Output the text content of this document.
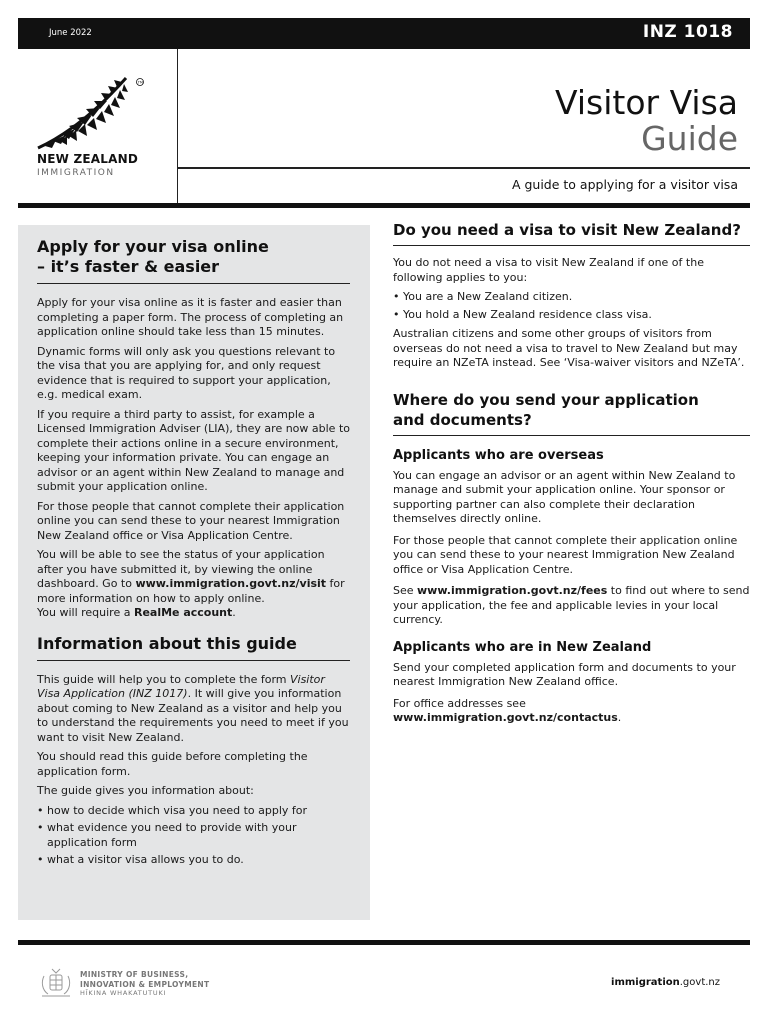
June 2022	INZ 1018
TM
NEW ZEALAND
IMMIGRATION
Visitor Visa
Guide
A guide to applying for a visitor visa
Apply for your visa online
– it’s faster & easier

Apply for your visa online as it is faster and easier than completing a paper form. The process of completing an application online should take less than 15 minutes.

Dynamic forms will only ask you questions relevant to the visa that you are applying for, and only request evidence that is required to support your application, e.g. medical exam.

If you require a third party to assist, for example a Licensed Immigration Adviser (LIA), they are now able to complete their actions online in a secure environment, keeping your information private. You can engage an advisor or an agent within New Zealand to manage and submit your application online.

For those people that cannot complete their application online you can send these to your nearest Immigration New Zealand office or Visa Application Centre.

You will be able to see the status of your application after you have submitted it, by viewing the online dashboard. Go to www.immigration.govt.nz/visit for more information on how to apply online.

You will require a RealMe account.

Information about this guide

This guide will help you to complete the form Visitor Visa Application (INZ 1017). It will give you information about coming to New Zealand as a visitor and help you to understand the requirements you need to meet if you want to visit New Zealand.

You should read this guide before completing the application form.

The guide gives you information about:

• how to decide which visa you need to apply for
• what evidence you need to provide with your application form
• what a visitor visa allows you to do.
Do you need a visa to visit New Zealand?

You do not need a visa to visit New Zealand if one of the following applies to you:

• You are a New Zealand citizen.
• You hold a New Zealand residence class visa.

Australian citizens and some other groups of visitors from overseas do not need a visa to travel to New Zealand but may require an NZeTA instead. See ‘Visa-waiver visitors and NZeTA’.

Where do you send your application
and documents?
Applicants who are overseas

You can engage an advisor or an agent within New Zealand to manage and submit your application online. Your sponsor or supporting partner can also complete their declaration themselves directly online.

For those people that cannot complete their application online you can send these to your nearest Immigration New Zealand office or Visa Application Centre.

See www.immigration.govt.nz/fees to find out where to send your application, the fee and applicable levies in your local currency.

Applicants who are in New Zealand

Send your completed application form and documents to your nearest Immigration New Zealand office.

For office addresses see
www.immigration.govt.nz/contactus.

MINISTRY OF BUSINESS,
INNOVATION & EMPLOYMENT
HĪKINA WHAKATUTUKI
immigration.govt.nz
